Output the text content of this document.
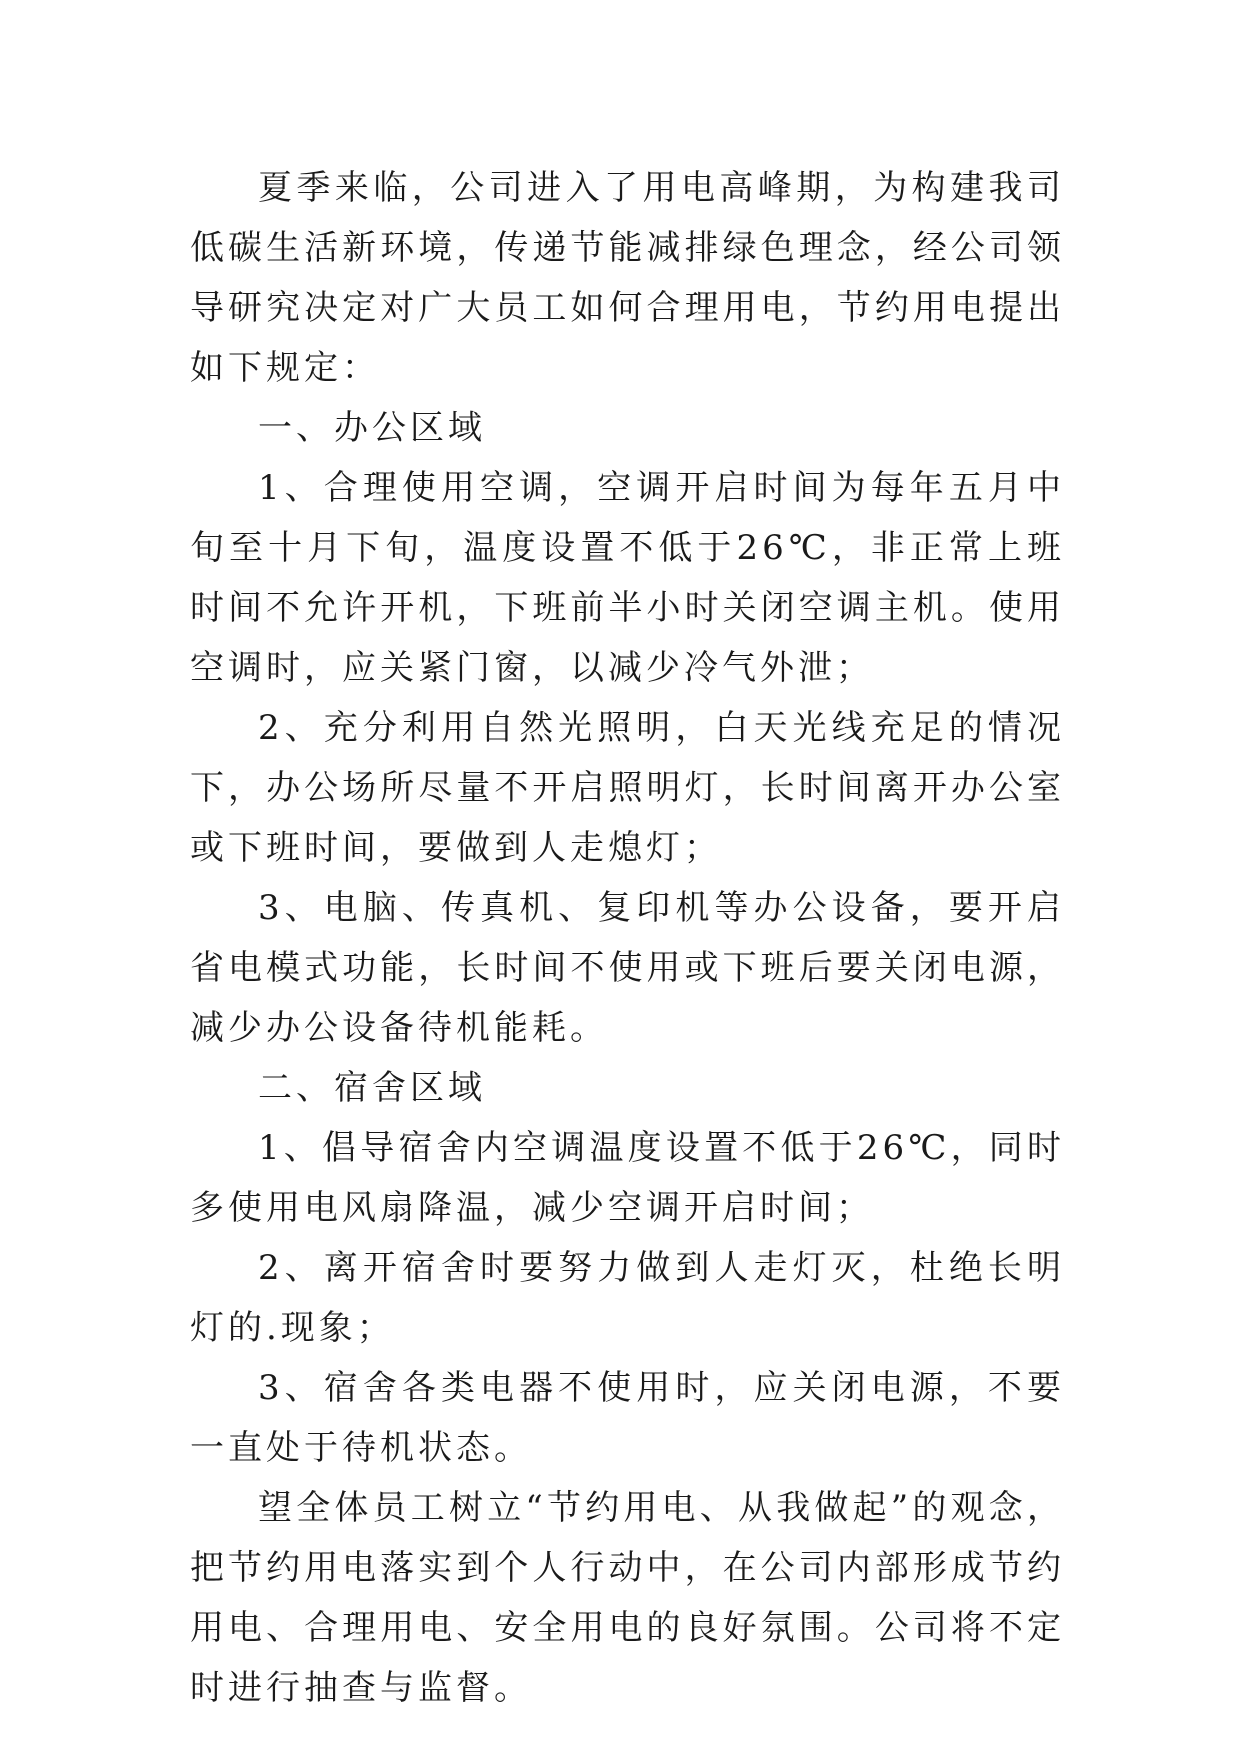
夏季来临，公司进入了用电高峰期，为构建我司低碳生活新环境，传递节能减排绿色理念，经公司领导研究决定对广大员工如何合理用电，节约用电提出如下规定：

一、办公区域

1、合理使用空调，空调开启时间为每年五月中旬至十月下旬，温度设置不低于26℃，非正常上班时间不允许开机，下班前半小时关闭空调主机。使用空调时，应关紧门窗，以减少冷气外泄；

2、充分利用自然光照明，白天光线充足的情况下，办公场所尽量不开启照明灯，长时间离开办公室或下班时间，要做到人走熄灯；

3、电脑、传真机、复印机等办公设备，要开启省电模式功能，长时间不使用或下班后要关闭电源，减少办公设备待机能耗。

二、宿舍区域

1、倡导宿舍内空调温度设置不低于26℃，同时多使用电风扇降温，减少空调开启时间；

2、离开宿舍时要努力做到人走灯灭，杜绝长明灯的.现象；

3、宿舍各类电器不使用时，应关闭电源，不要一直处于待机状态。

望全体员工树立“节约用电、从我做起”的观念，把节约用电落实到个人行动中，在公司内部形成节约用电、合理用电、安全用电的良好氛围。公司将不定时进行抽查与监督。
